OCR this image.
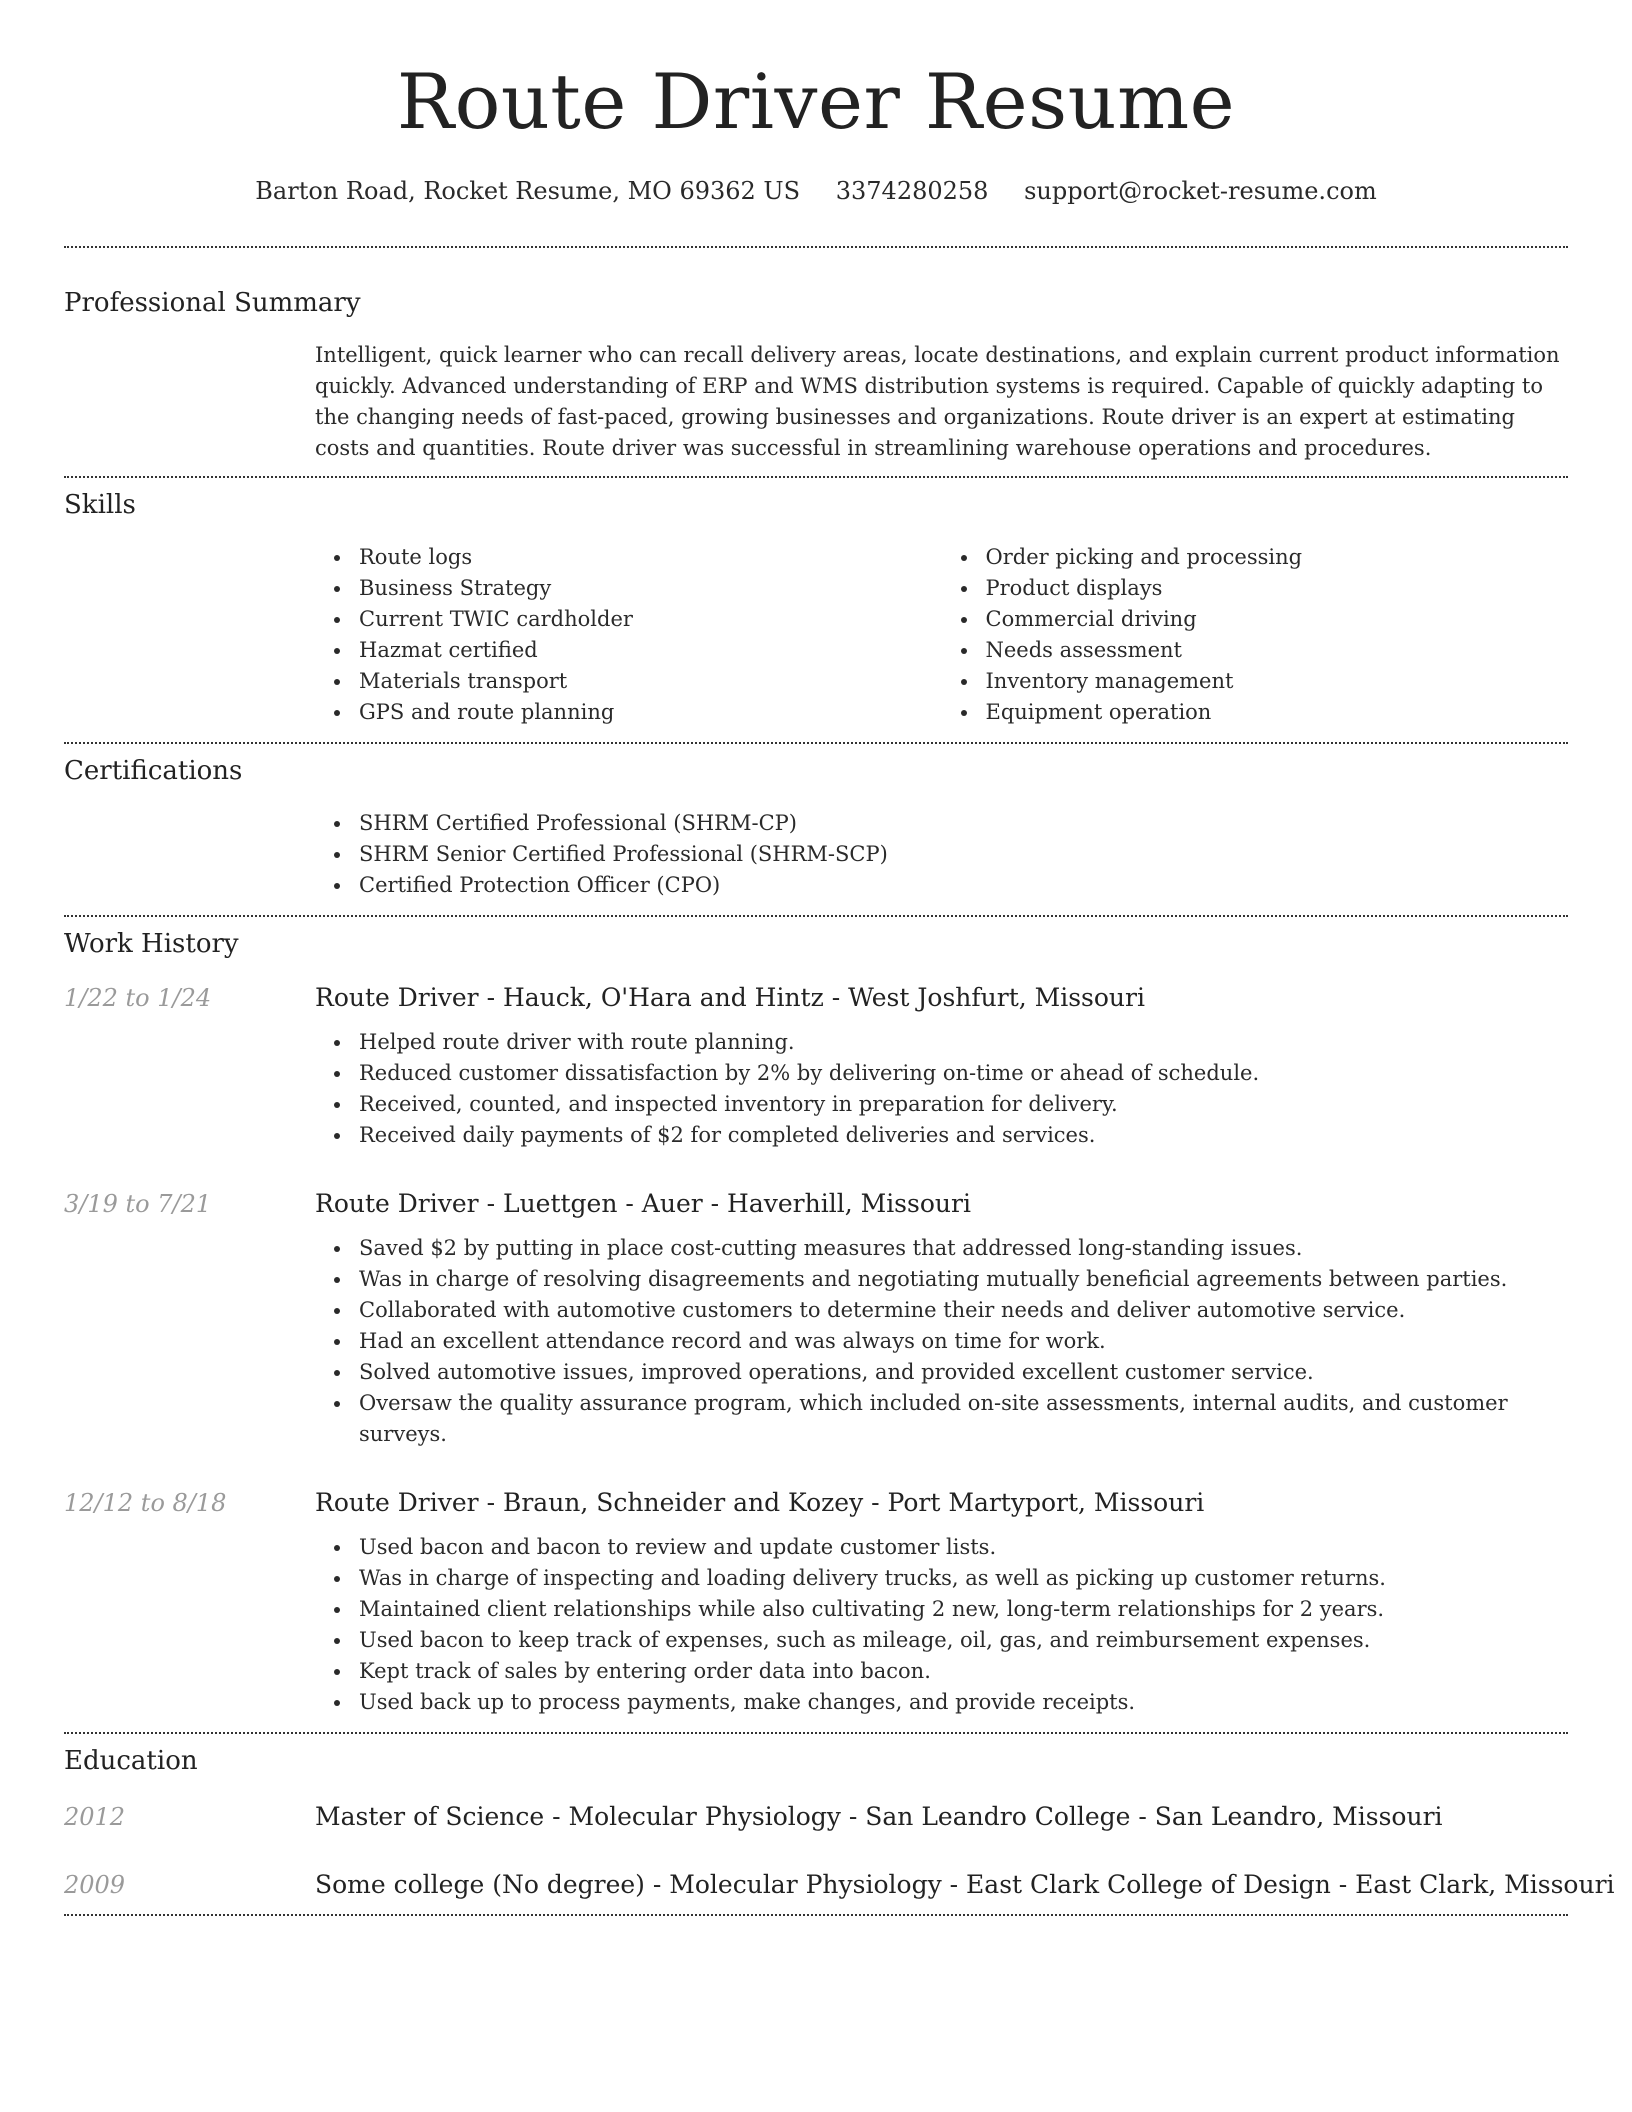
Route Driver Resume
Barton Road, Rocket Resume, MO 69362 US 3374280258 support@rocket-resume.com
Professional Summary

Intelligent, quick learner who can recall delivery areas, locate destinations, and explain current product information quickly. Advanced understanding of ERP and WMS distribution systems is required. Capable of quickly adapting to the changing needs of fast-paced, growing businesses and organizations. Route driver is an expert at estimating costs and quantities. Route driver was successful in streamlining warehouse operations and procedures.

Skills
Route logs
Business Strategy
Current TWIC cardholder
Hazmat certified
Materials transport
GPS and route planning
Order picking and processing
Product displays
Commercial driving
Needs assessment
Inventory management
Equipment operation
Certifications
SHRM Certified Professional (SHRM-CP)
SHRM Senior Certified Professional (SHRM-SCP)
Certified Protection Officer (CPO)
Work History
1/22 to 1/24	Route Driver - Hauck, O'Hara and Hintz - West Joshfurt, Missouri
Helped route driver with route planning.
Reduced customer dissatisfaction by 2% by delivering on-time or ahead of schedule.
Received, counted, and inspected inventory in preparation for delivery.
Received daily payments of $2 for completed deliveries and services.
3/19 to 7/21	Route Driver - Luettgen - Auer - Haverhill, Missouri
Saved $2 by putting in place cost-cutting measures that addressed long-standing issues.
Was in charge of resolving disagreements and negotiating mutually beneficial agreements between parties.
Collaborated with automotive customers to determine their needs and deliver automotive service.
Had an excellent attendance record and was always on time for work.
Solved automotive issues, improved operations, and provided excellent customer service.
Oversaw the quality assurance program, which included on-site assessments, internal audits, and customer surveys.
12/12 to 8/18	Route Driver - Braun, Schneider and Kozey - Port Martyport, Missouri
Used bacon and bacon to review and update customer lists.
Was in charge of inspecting and loading delivery trucks, as well as picking up customer returns.
Maintained client relationships while also cultivating 2 new, long-term relationships for 2 years.
Used bacon to keep track of expenses, such as mileage, oil, gas, and reimbursement expenses.
Kept track of sales by entering order data into bacon.
Used back up to process payments, make changes, and provide receipts.
Education
2012	Master of Science - Molecular Physiology - San Leandro College - San Leandro, Missouri
2009	Some college (No degree) - Molecular Physiology - East Clark College of Design - East Clark, Missouri
